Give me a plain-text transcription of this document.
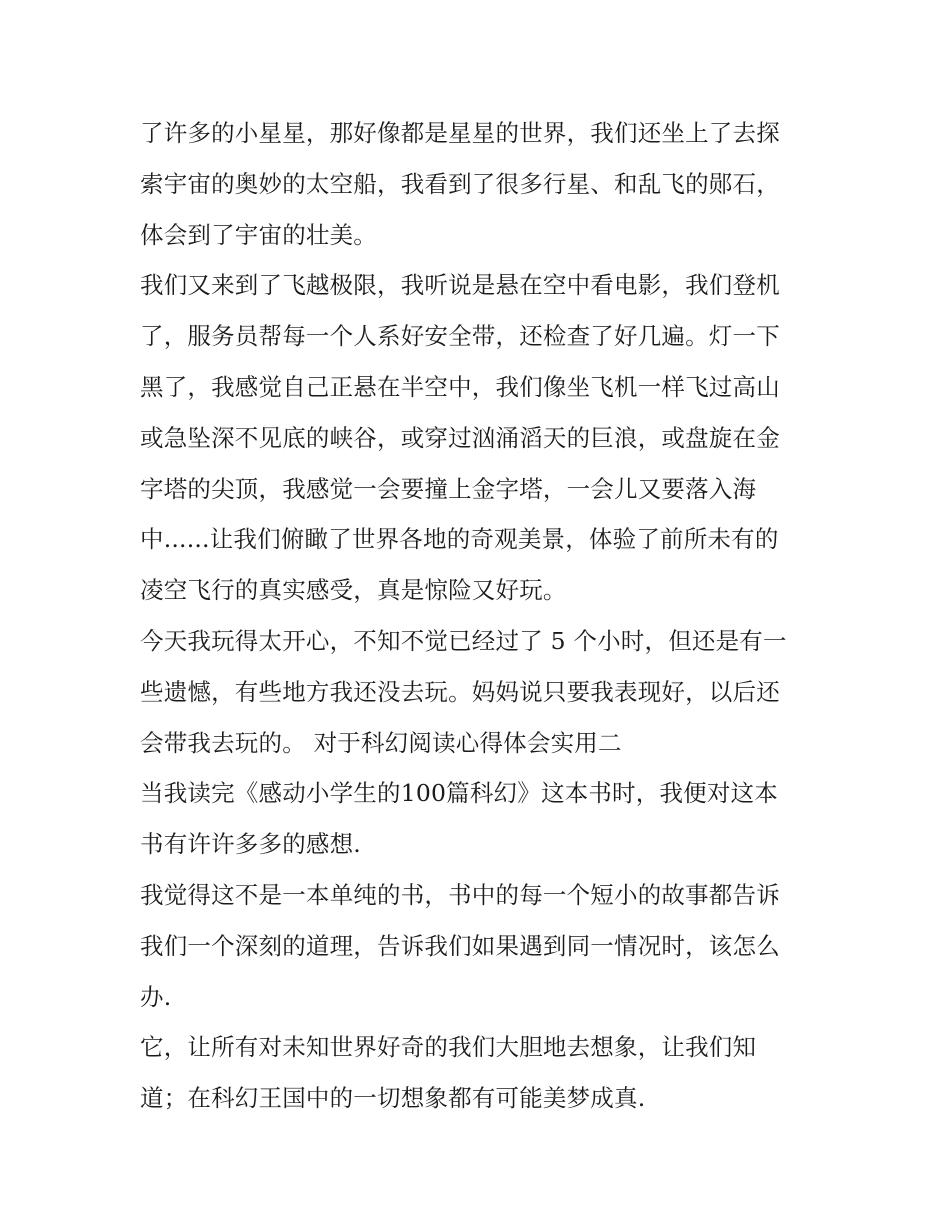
了许多的小星星，那好像都是星星的世界，我们还坐上了去探
索宇宙的奥妙的太空船，我看到了很多行星、和乱飞的郧石，
体会到了宇宙的壮美。
我们又来到了飞越极限，我听说是悬在空中看电影，我们登机
了，服务员帮每一个人系好安全带，还检查了好几遍。灯一下
黑了，我感觉自己正悬在半空中，我们像坐飞机一样飞过高山
或急坠深不见底的峡谷，或穿过汹涌滔天的巨浪，或盘旋在金
字塔的尖顶，我感觉一会要撞上金字塔，一会儿又要落入海
中......让我们俯瞰了世界各地的奇观美景，体验了前所未有的
凌空飞行的真实感受，真是惊险又好玩。
今天我玩得太开心，不知不觉已经过了 5 个小时，但还是有一
些遗憾，有些地方我还没去玩。妈妈说只要我表现好，以后还
会带我去玩的。 对于科幻阅读心得体会实用二
当我读完《感动小学生的100篇科幻》这本书时，我便对这本
书有许许多多的感想.
我觉得这不是一本单纯的书，书中的每一个短小的故事都告诉
我们一个深刻的道理，告诉我们如果遇到同一情况时，该怎么
办.
它，让所有对未知世界好奇的我们大胆地去想象，让我们知
道；在科幻王国中的一切想象都有可能美梦成真.
